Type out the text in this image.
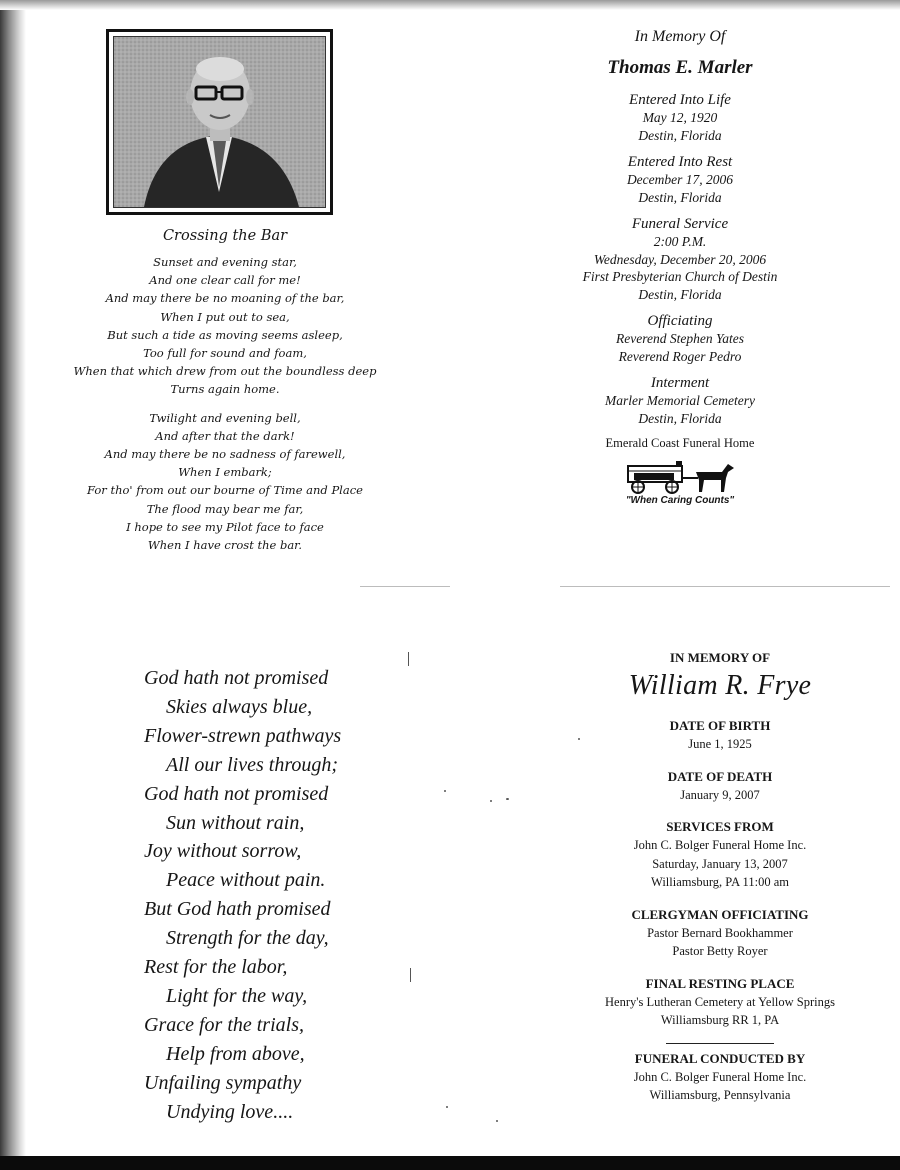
Crossing the Bar
Sunset and evening star,
And one clear call for me!
And may there be no moaning of the bar,
When I put out to sea,
But such a tide as moving seems asleep,
Too full for sound and foam,
When that which drew from out the boundless deep
Turns again home.
Twilight and evening bell,
And after that the dark!
And may there be no sadness of farewell,
When I embark;
For tho' from out our bourne of Time and Place
The flood may bear me far,
I hope to see my Pilot face to face
When I have crost the bar.
In Memory Of
Thomas E. Marler
Entered Into Life
May 12, 1920
Destin, Florida
Entered Into Rest
December 17, 2006
Destin, Florida
Funeral Service
2:00 P.M.
Wednesday, December 20, 2006
First Presbyterian Church of Destin
Destin, Florida
Officiating
Reverend Stephen Yates
Reverend Roger Pedro
Interment
Marler Memorial Cemetery
Destin, Florida
Emerald Coast Funeral Home
"When Caring Counts"
God hath not promised
Skies always blue,
Flower-strewn pathways
All our lives through;
God hath not promised
Sun without rain,
Joy without sorrow,
Peace without pain.
But God hath promised
Strength for the day,
Rest for the labor,
Light for the way,
Grace for the trials,
Help from above,
Unfailing sympathy
Undying love....
IN MEMORY OF
William R. Frye
DATE OF BIRTH
June 1, 1925
DATE OF DEATH
January 9, 2007
SERVICES FROM
John C. Bolger Funeral Home Inc.
Saturday, January 13, 2007
Williamsburg, PA 11:00 am
CLERGYMAN OFFICIATING
Pastor Bernard Bookhammer
Pastor Betty Royer
FINAL RESTING PLACE
Henry's Lutheran Cemetery at Yellow Springs
Williamsburg RR 1, PA
FUNERAL CONDUCTED BY
John C. Bolger Funeral Home Inc.
Williamsburg, Pennsylvania
